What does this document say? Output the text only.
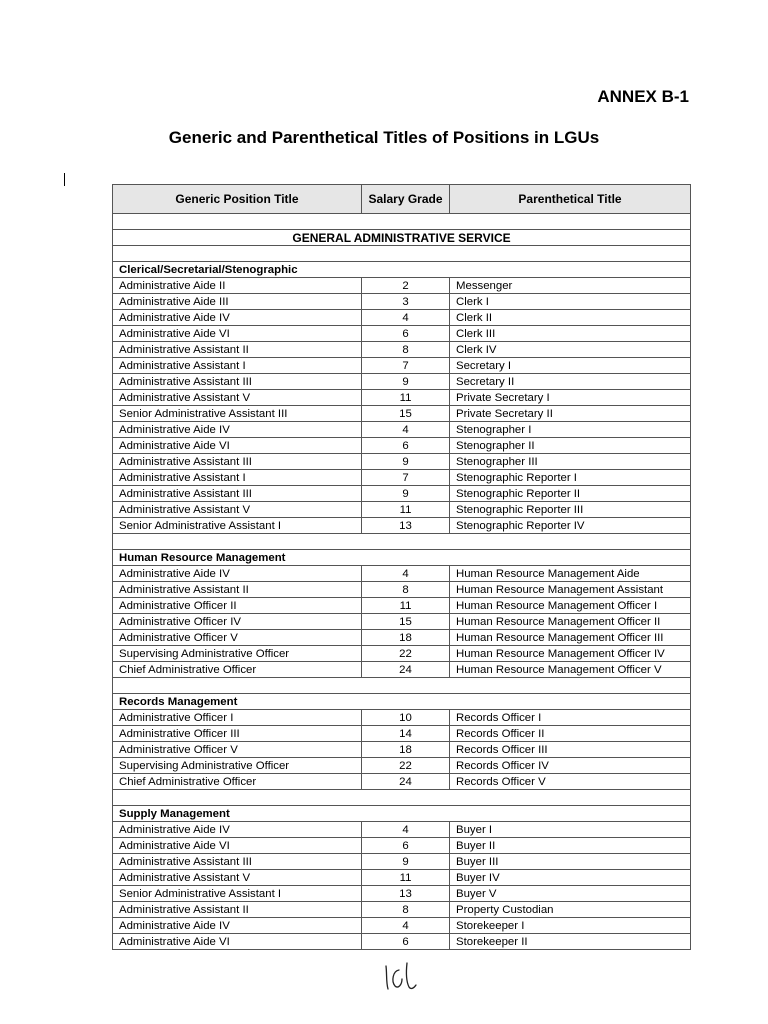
ANNEX B-1
Generic and Parenthetical Titles of Positions in LGUs
Generic Position Title	Salary Grade	Parenthetical Title

GENERAL ADMINISTRATIVE SERVICE		

Clerical/Secretarial/Stenographic		
Administrative Aide II	2	Messenger
Administrative Aide III	3	Clerk I
Administrative Aide IV	4	Clerk II
Administrative Aide VI	6	Clerk III
Administrative Assistant II	8	Clerk IV
Administrative Assistant I	7	Secretary I
Administrative Assistant III	9	Secretary II
Administrative Assistant V	11	Private Secretary I
Senior Administrative Assistant III	15	Private Secretary II
Administrative Aide IV	4	Stenographer I
Administrative Aide VI	6	Stenographer II
Administrative Assistant III	9	Stenographer III
Administrative Assistant I	7	Stenographic Reporter I
Administrative Assistant III	9	Stenographic Reporter II
Administrative Assistant V	11	Stenographic Reporter III
Senior Administrative Assistant I	13	Stenographic Reporter IV

Human Resource Management		
Administrative Aide IV	4	Human Resource Management Aide
Administrative Assistant II	8	Human Resource Management Assistant
Administrative Officer II	11	Human Resource Management Officer I
Administrative Officer IV	15	Human Resource Management Officer II
Administrative Officer V	18	Human Resource Management Officer III
Supervising Administrative Officer	22	Human Resource Management Officer IV
Chief Administrative Officer	24	Human Resource Management Officer V

Records Management		
Administrative Officer I	10	Records Officer I
Administrative Officer III	14	Records Officer II
Administrative Officer V	18	Records Officer III
Supervising Administrative Officer	22	Records Officer IV
Chief Administrative Officer	24	Records Officer V

Supply Management		
Administrative Aide IV	4	Buyer I
Administrative Aide VI	6	Buyer II
Administrative Assistant III	9	Buyer III
Administrative Assistant V	11	Buyer IV
Senior Administrative Assistant I	13	Buyer V
Administrative Assistant II	8	Property Custodian
Administrative Aide IV	4	Storekeeper I
Administrative Aide VI	6	Storekeeper II
